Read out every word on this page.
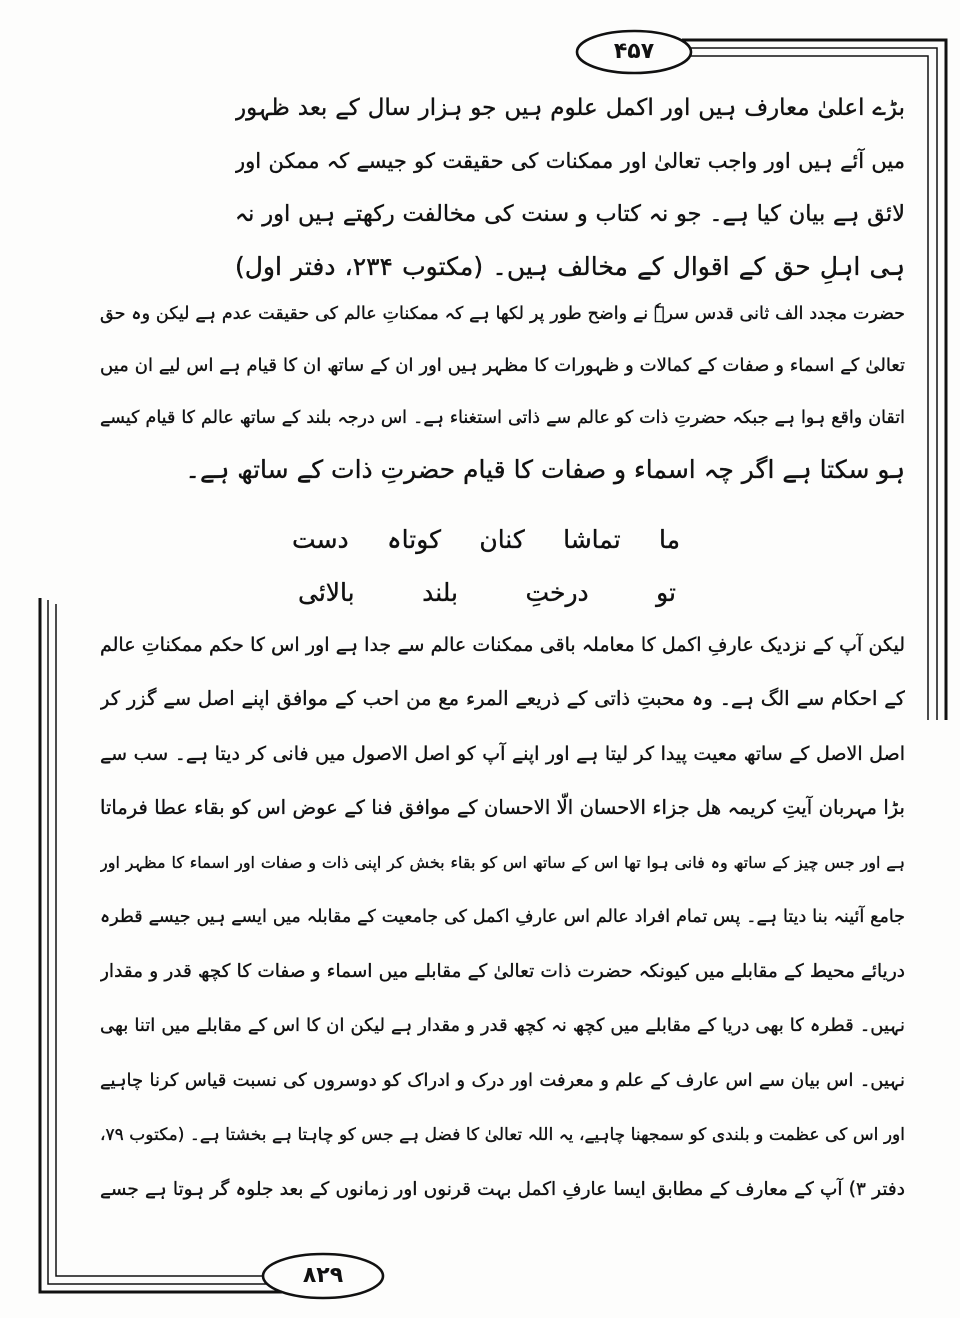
۴۵۷
۸۲۹
بڑے اعلیٰ معارف ہیں اور اکمل علوم ہیں جو ہزار سال کے بعد ظہور
میں آئے ہیں اور واجب تعالیٰ اور ممکنات کی حقیقت کو جیسے کہ ممکن اور
لائق ہے بیان کیا ہے۔ جو نہ کتاب و سنت کی مخالفت رکھتے ہیں اور نہ
ہی اہلِ حق کے اقوال کے مخالف ہیں۔ (مکتوب ۲۳۴، دفتر اول)
حضرت مجدد الف ثانی قدس سرہٗ نے واضح طور پر لکھا ہے کہ ممکناتِ عالم کی حقیقت عدم ہے لیکن وہ حق
تعالیٰ کے اسماء و صفات کے کمالات و ظہورات کا مظہر ہیں اور ان کے ساتھ ان کا قیام ہے اس لیے ان میں
اتقان واقع ہوا ہے جبکہ حضرتِ ذات کو عالم سے ذاتی استغناء ہے۔ اس درجہ بلند کے ساتھ عالم کا قیام کیسے
ہو سکتا ہے اگر چہ اسماء و صفات کا قیام حضرتِ ذات کے ساتھ ہے۔
ما
تماشا
کنان
کوتاہ
دست
تو
درختِ
بلند
بالائی
لیکن آپ کے نزدیک عارفِ اکمل کا معاملہ باقی ممکنات عالم سے جدا ہے اور اس کا حکم ممکناتِ عالم
کے احکام سے الگ ہے۔ وہ محبتِ ذاتی کے ذریعے المرء مع من احب کے موافق اپنے اصل سے گزر کر
اصل الاصل کے ساتھ معیت پیدا کر لیتا ہے اور اپنے آپ کو اصل الاصول میں فانی کر دیتا ہے۔ سب سے
بڑا مہربان آیتِ کریمہ ھل جزاء الاحسان الّا الاحسان کے موافق فنا کے عوض اس کو بقاء عطا فرماتا
ہے اور جس چیز کے ساتھ وہ فانی ہوا تھا اس کے ساتھ اس کو بقاء بخش کر اپنی ذات و صفات اور اسماء کا مظہر اور
جامع آئینہ بنا دیتا ہے۔ پس تمام افراد عالم اس عارفِ اکمل کی جامعیت کے مقابلہ میں ایسے ہیں جیسے قطرہ
دریائے محیط کے مقابلے میں کیونکہ حضرت ذات تعالیٰ کے مقابلے میں اسماء و صفات کا کچھ قدر و مقدار
نہیں۔ قطرہ کا بھی دریا کے مقابلے میں کچھ نہ کچھ قدر و مقدار ہے لیکن ان کا اس کے مقابلے میں اتنا بھی
نہیں۔ اس بیان سے اس عارف کے علم و معرفت اور درک و ادراک کو دوسروں کی نسبت قیاس کرنا چاہیے
اور اس کی عظمت و بلندی کو سمجھنا چاہیے، یہ اللہ تعالیٰ کا فضل ہے جس کو چاہتا ہے بخشتا ہے۔ (مکتوب ۷۹،
دفتر ۳) آپ کے معارف کے مطابق ایسا عارفِ اکمل بہت قرنوں اور زمانوں کے بعد جلوہ گر ہوتا ہے جسے
